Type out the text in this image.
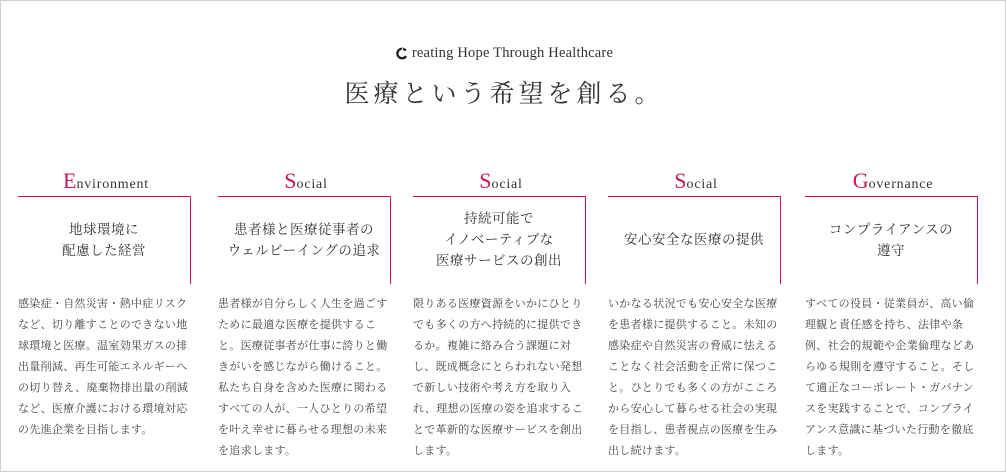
reating Hope Through Healthcare
医療という希望を創る。
Environment
地球環境に
配慮した経営
感染症・自然災害・熱中症リスクなど、切り離すことのできない地球環境と医療。温室効果ガスの排出量削減、再生可能エネルギーへの切り替え、廃棄物排出量の削減など、医療介護における環境対応の先進企業を目指します。
Social
患者様と医療従事者の
ウェルビーイングの追求
患者様が自分らしく人生を過ごすために最適な医療を提供すること。医療従事者が仕事に誇りと働きがいを感じながら働けること。私たち自身を含めた医療に関わるすべての人が、一人ひとりの希望を叶え幸せに暮らせる理想の未来を追求します。
Social
持続可能で
イノベーティブな
医療サービスの創出
限りある医療資源をいかにひとりでも多くの方へ持続的に提供できるか。複雑に絡み合う課題に対し、既成概念にとらわれない発想で新しい技術や考え方を取り入れ、理想の医療の姿を追求することで革新的な医療サービスを創出します。
Social
安心安全な医療の提供
いかなる状況でも安心安全な医療を患者様に提供すること。未知の感染症や自然災害の脅威に怯えることなく社会活動を正常に保つこと。ひとりでも多くの方がこころから安心して暮らせる社会の実現を目指し、患者視点の医療を生み出し続けます。
Governance
コンプライアンスの
遵守
すべての役員・従業員が、高い倫理観と責任感を持ち、法律や条例、社会的規範や企業倫理などあらゆる規則を遵守すること。そして適正なコーポレート・ガバナンスを実践することで、コンプライアンス意識に基づいた行動を徹底します。
